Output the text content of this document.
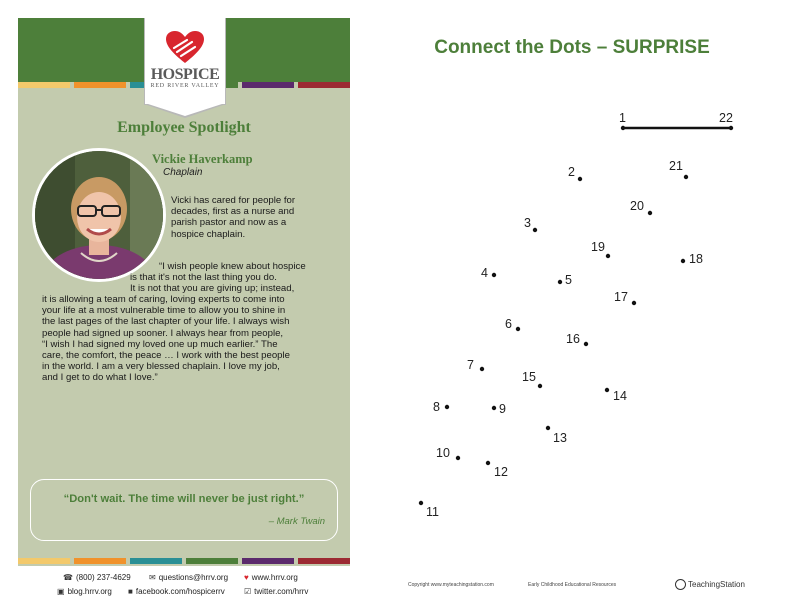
HOSPICE
RED RIVER VALLEY
Employee Spotlight
Vickie Haverkamp
Chaplain
Vicki has cared for people for
decades, first as a nurse and
parish pastor and now as a
hospice chaplain.
“I wish people knew about hospice
is that it's not the last thing you do.
It is not that you are giving up; instead,
it is allowing a team of caring, loving experts to come into
your life at a most vulnerable time to allow you to shine in
the last pages of the last chapter of your life. I always wish
people had signed up sooner. I always hear from people,
“I wish I had signed my loved one up much earlier.” The
care, the comfort, the peace … I work with the best people
in the world. I am a very blessed chaplain. I love my job,
and I get to do what I love.”
“Don't wait. The time will never be just right.”
– Mark Twain
☎ (800) 237-4629 ✉ questions@hrrv.org ♥ www.hrrv.org
▣ blog.hrrv.org ■ facebook.com/hospicerrv ☑ twitter.com/hrrv
Connect the Dots – SURPRISE
1	22
2	21
3
20
19
18
4	5
17
6
16
7
15
14
8	9
13
10
12
11
Copyright www.myteachingstation.com	Early Childhood Educational Resources	TeachingStation
